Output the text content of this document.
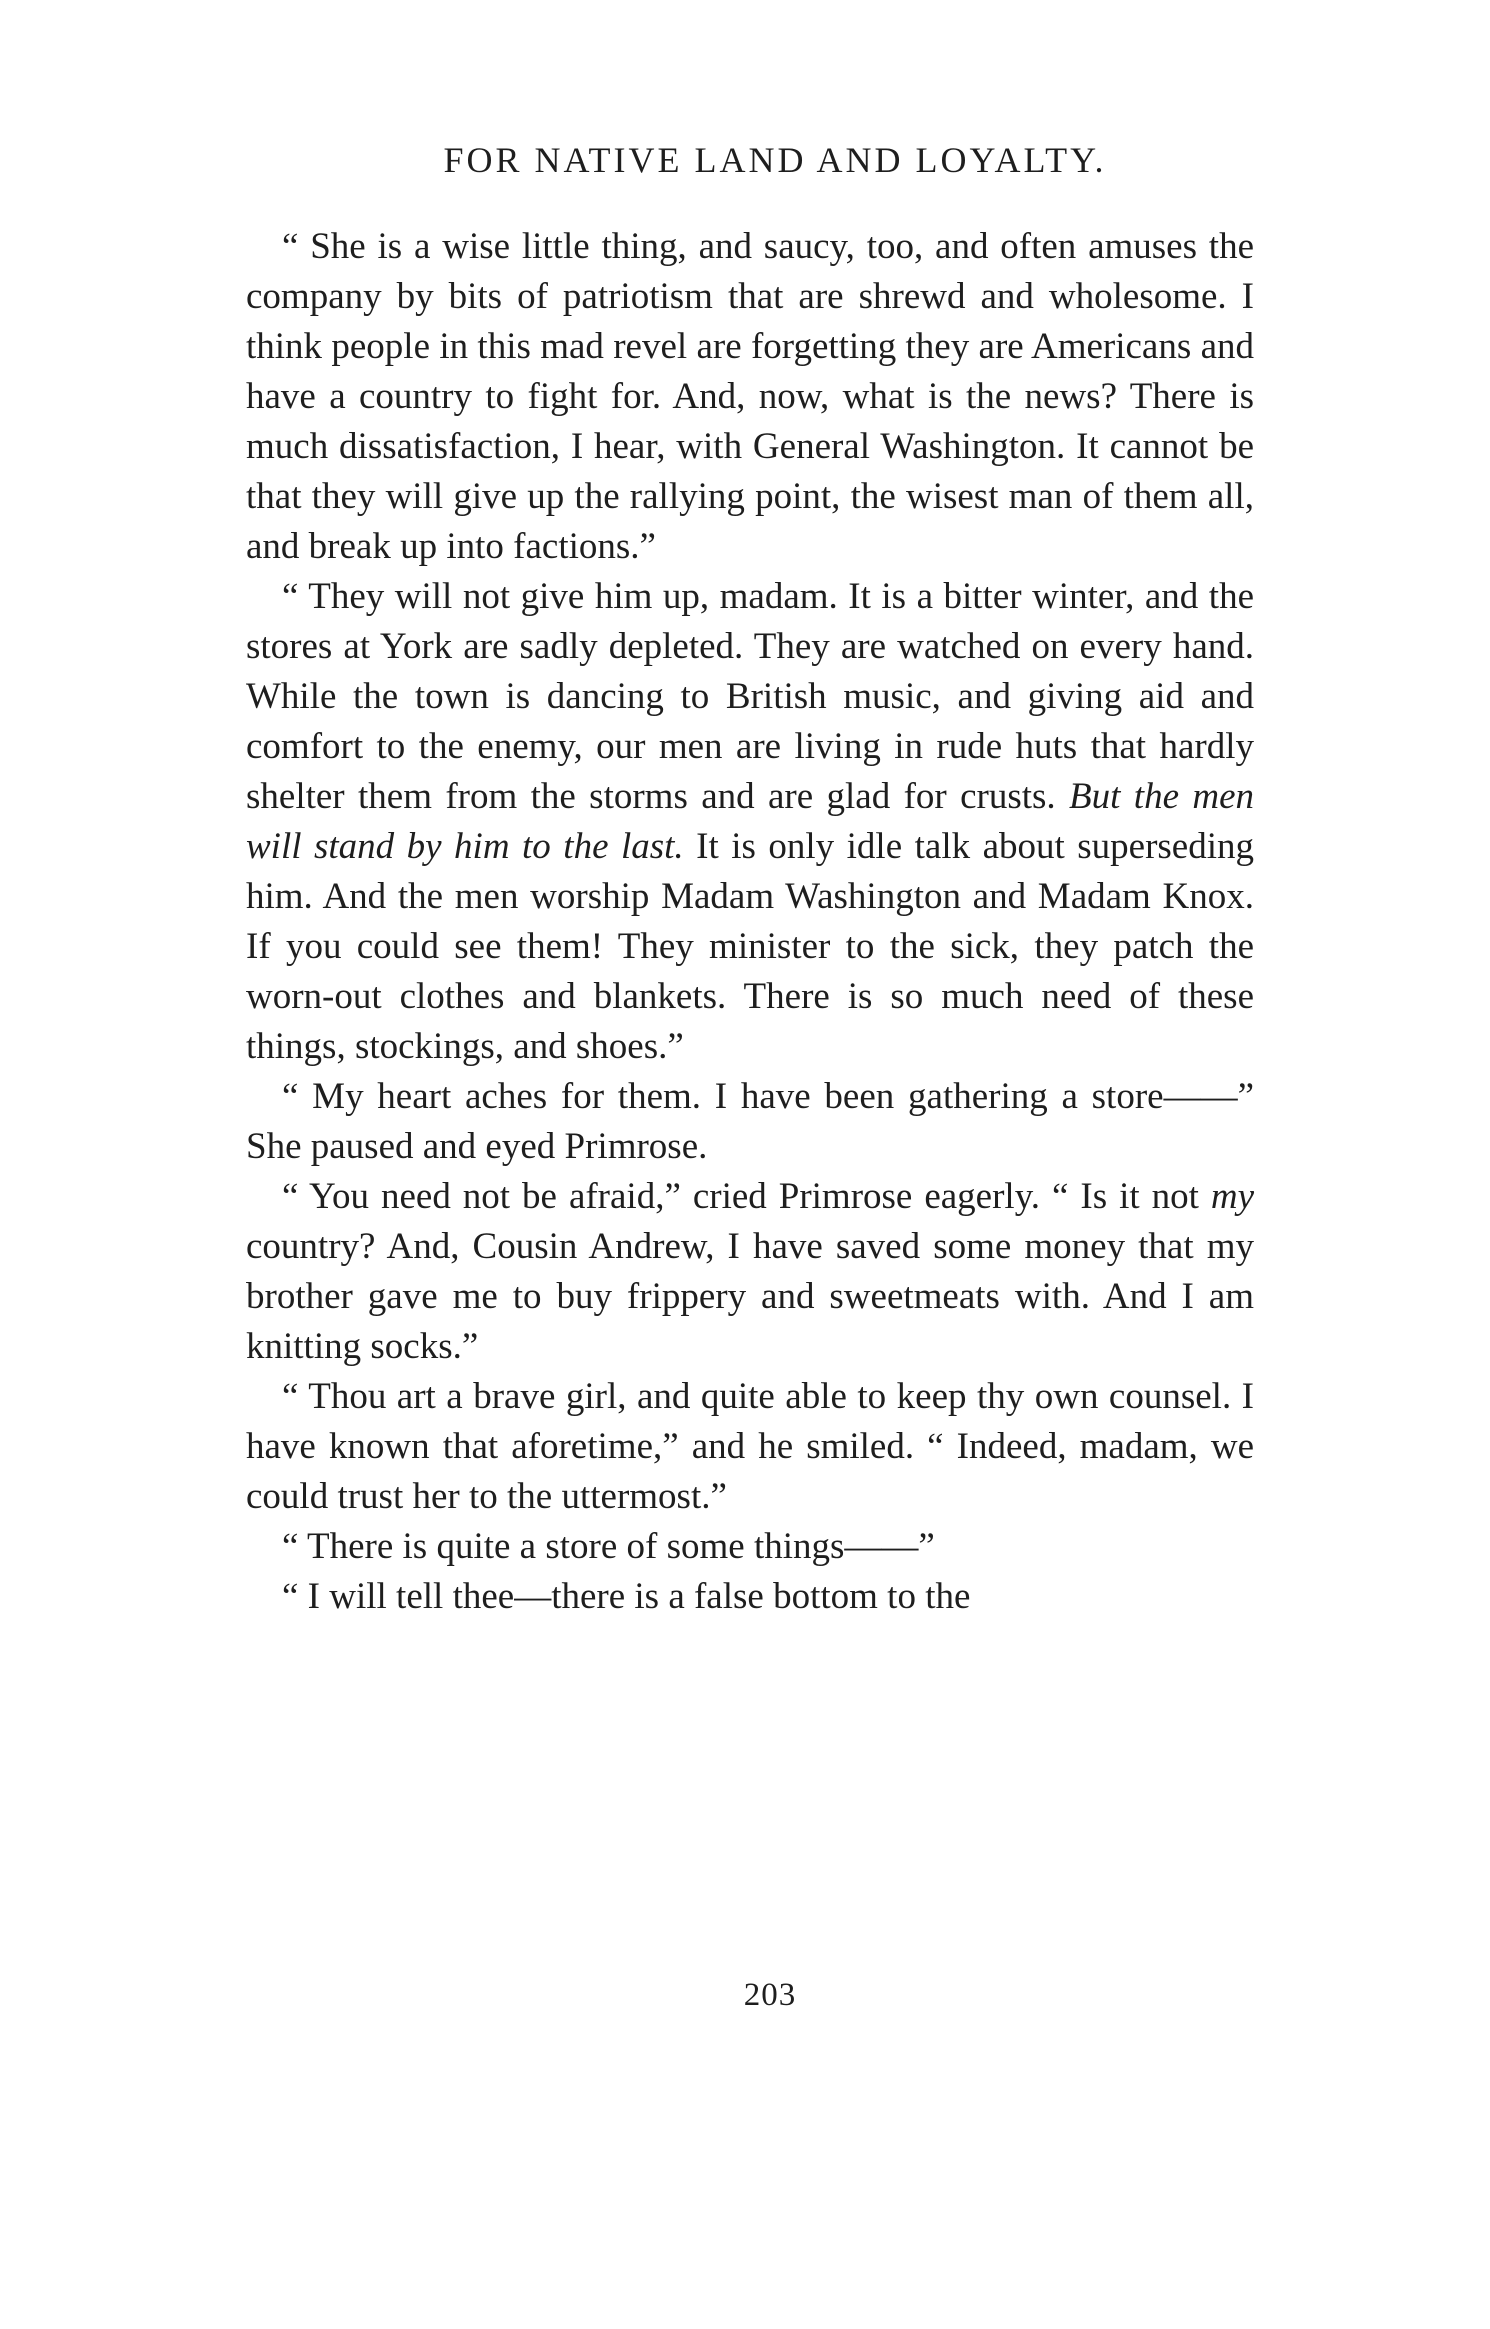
FOR NATIVE LAND AND LOYALTY.

“ She is a wise little thing, and saucy, too, and often amuses the company by bits of patriotism that are shrewd and wholesome. I think people in this mad revel are forgetting they are Americans and have a country to fight for. And, now, what is the news? There is much dissatisfaction, I hear, with General Washington. It cannot be that they will give up the rallying point, the wisest man of them all, and break up into factions.”

“ They will not give him up, madam. It is a bitter winter, and the stores at York are sadly depleted. They are watched on every hand. While the town is dancing to British music, and giving aid and comfort to the enemy, our men are living in rude huts that hardly shelter them from the storms and are glad for crusts. But the men will stand by him to the last. It is only idle talk about superseding him. And the men worship Madam Washington and Madam Knox. If you could see them! They minister to the sick, they patch the worn-out clothes and blankets. There is so much need of these things, stockings, and shoes.”

“ My heart aches for them. I have been gathering a store——” She paused and eyed Primrose.

“ You need not be afraid,” cried Primrose eagerly. “ Is it not my country? And, Cousin Andrew, I have saved some money that my brother gave me to buy frippery and sweetmeats with. And I am knitting socks.”

“ Thou art a brave girl, and quite able to keep thy own counsel. I have known that aforetime,” and he smiled. “ Indeed, madam, we could trust her to the uttermost.”

“ There is quite a store of some things——”

“ I will tell thee—there is a false bottom to the

203
